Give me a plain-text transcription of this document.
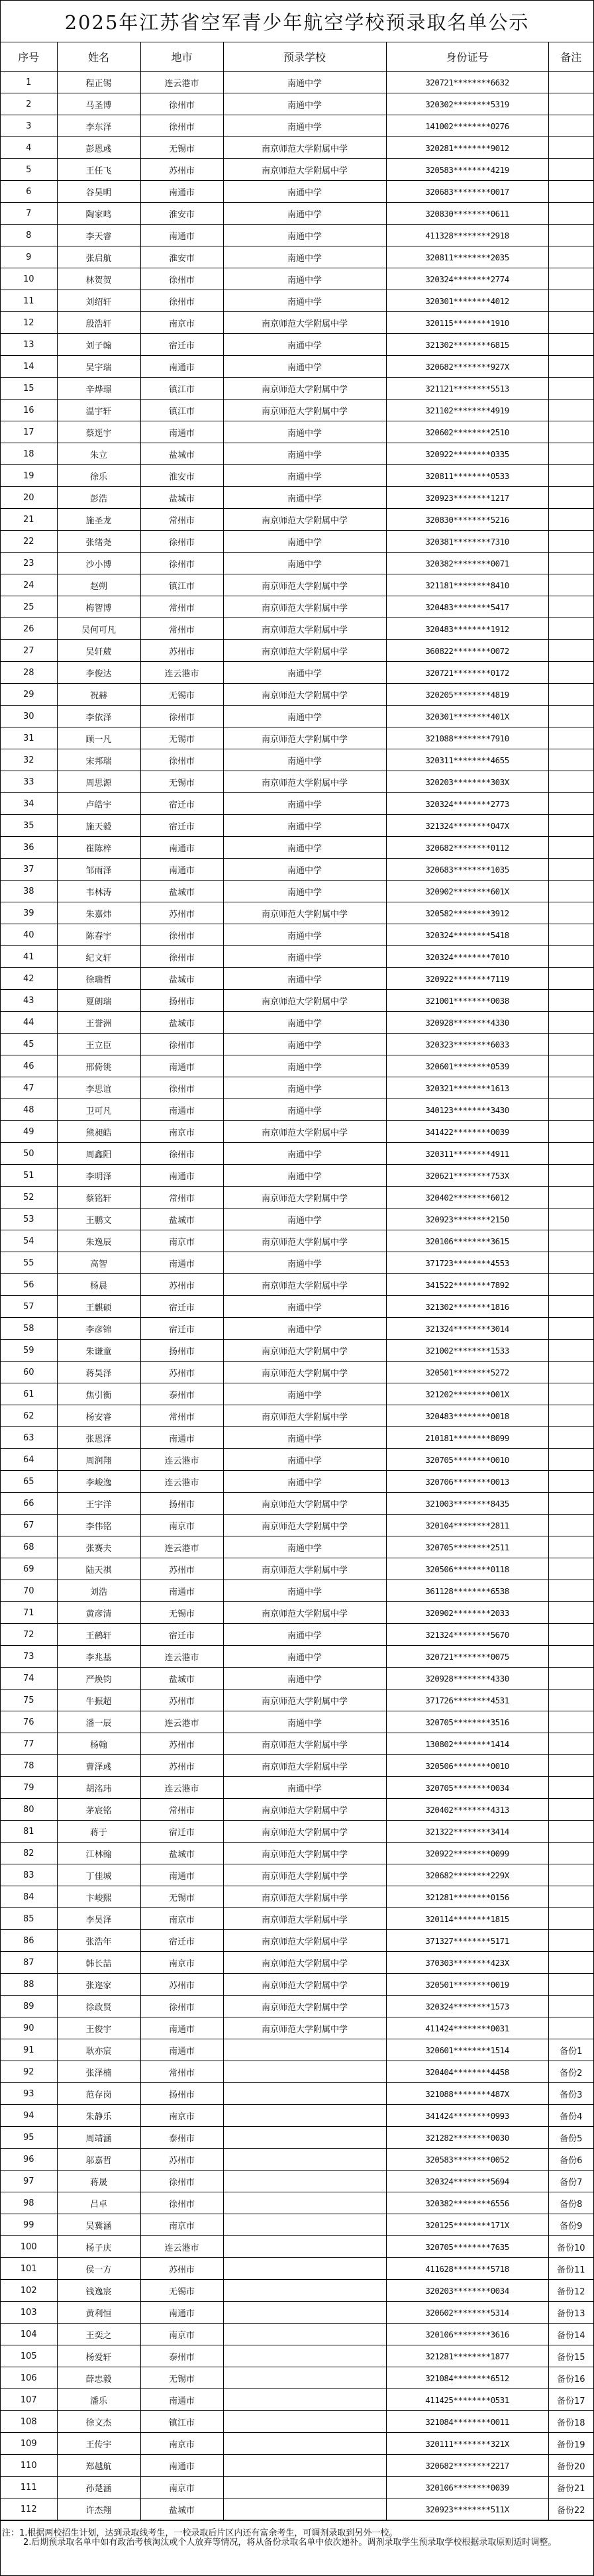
2025年江苏省空军青少年航空学校预录取名单公示
序号	姓名	地市	预录学校	身份证号	备注
1	程正锡	连云港市	南通中学	320721********6632	
2	马圣博	徐州市	南通中学	320302********5319	
3	李东泽	徐州市	南通中学	141002********0276	
4	彭恩彧	无锡市	南京师范大学附属中学	320281********9012	
5	王任飞	苏州市	南京师范大学附属中学	320583********4219	
6	谷昊明	南通市	南通中学	320683********0017	
7	陶家鸣	淮安市	南通中学	320830********0611	
8	李天睿	南通市	南通中学	411328********2918	
9	张启航	淮安市	南通中学	320811********2035	
10	林贺贺	徐州市	南通中学	320324********2774	
11	刘绍轩	徐州市	南通中学	320301********4012	
12	殷浩轩	南京市	南京师范大学附属中学	320115********1910	
13	刘子翰	宿迁市	南通中学	321302********6815	
14	吴宇瑞	南通市	南通中学	320682********927X	
15	辛烨璟	镇江市	南京师范大学附属中学	321121********5513	
16	温宇轩	镇江市	南京师范大学附属中学	321102********4919	
17	蔡逕宇	南通市	南通中学	320602********2510	
18	朱立	盐城市	南通中学	320922********0335	
19	徐乐	淮安市	南通中学	320811********0533	
20	彭浩	盐城市	南通中学	320923********1217	
21	施圣龙	常州市	南京师范大学附属中学	320830********5216	
22	张绪尧	徐州市	南通中学	320381********7310	
23	沙小博	徐州市	南通中学	320382********0071	
24	赵朔	镇江市	南京师范大学附属中学	321181********8410	
25	梅智博	常州市	南京师范大学附属中学	320483********5417	
26	吴何可凡	常州市	南京师范大学附属中学	320483********1912	
27	吴轩葳	苏州市	南京师范大学附属中学	360822********0072	
28	李俊达	连云港市	南通中学	320721********0172	
29	祝赫	无锡市	南京师范大学附属中学	320205********4819	
30	李依泽	徐州市	南通中学	320301********401X	
31	顾一凡	无锡市	南京师范大学附属中学	321088********7910	
32	宋邦瑞	徐州市	南通中学	320311********4655	
33	周思源	无锡市	南京师范大学附属中学	320203********303X	
34	卢皓宇	宿迁市	南通中学	320324********2773	
35	施天毅	宿迁市	南通中学	321324********047X	
36	崔陈梓	南通市	南通中学	320682********0112	
37	邹雨泽	南通市	南通中学	320683********1035	
38	韦林涛	盐城市	南通中学	320902********601X	
39	朱嘉炜	苏州市	南京师范大学附属中学	320582********3912	
40	陈春宇	徐州市	南通中学	320324********5418	
41	纪文轩	徐州市	南通中学	320324********7010	
42	徐瑞哲	盐城市	南通中学	320922********7119	
43	夏朗瑞	扬州市	南京师范大学附属中学	321001********0038	
44	王誉洲	盐城市	南通中学	320928********4330	
45	王立臣	徐州市	南通中学	320323********6033	
46	邢倚铫	南通市	南通中学	320601********0539	
47	李思谊	徐州市	南通中学	320321********1613	
48	卫可凡	南通市	南通中学	340123********3430	
49	熊昶皓	南京市	南京师范大学附属中学	341422********0039	
50	周鑫阳	徐州市	南通中学	320311********4911	
51	李明泽	南通市	南通中学	320621********753X	
52	蔡铭轩	常州市	南京师范大学附属中学	320402********6012	
53	王鹏文	盐城市	南通中学	320923********2150	
54	朱逸辰	南京市	南京师范大学附属中学	320106********3615	
55	高智	南通市	南通中学	371723********4553	
56	杨晨	苏州市	南京师范大学附属中学	341522********7892	
57	王麒硕	宿迁市	南通中学	321302********1816	
58	李彦锦	宿迁市	南通中学	321324********3014	
59	朱谦童	扬州市	南京师范大学附属中学	321002********1533	
60	蒋昊泽	苏州市	南京师范大学附属中学	320501********5272	
61	焦引衡	泰州市	南通中学	321202********001X	
62	杨安睿	常州市	南京师范大学附属中学	320483********0018	
63	张恩泽	南通市	南通中学	210181********8099	
64	周润翔	连云港市	南通中学	320705********0010	
65	李峻逸	连云港市	南通中学	320706********0013	
66	王宇洋	扬州市	南京师范大学附属中学	321003********8435	
67	李伟铭	南京市	南京师范大学附属中学	320104********2811	
68	张赛夫	连云港市	南通中学	320705********2511	
69	陆天祺	苏州市	南京师范大学附属中学	320506********0118	
70	刘浩	南通市	南通中学	361128********6538	
71	黄彦清	无锡市	南京师范大学附属中学	320902********2033	
72	王鹤轩	宿迁市	南通中学	321324********5670	
73	李兆基	连云港市	南通中学	320721********0075	
74	严焕钧	盐城市	南通中学	320928********4330	
75	牛振超	苏州市	南京师范大学附属中学	371726********4531	
76	潘一辰	连云港市	南通中学	320705********3516	
77	杨翰	苏州市	南京师范大学附属中学	130802********1414	
78	曹泽彧	苏州市	南京师范大学附属中学	320506********0010	
79	胡洺玮	连云港市	南通中学	320705********0034	
80	茅宸铭	常州市	南京师范大学附属中学	320402********4313	
81	蒋于	宿迁市	南京师范大学附属中学	321322********3414	
82	江林翰	盐城市	南京师范大学附属中学	320922********0099	
83	丁佳城	南通市	南京师范大学附属中学	320682********229X	
84	卞峻熙	无锡市	南京师范大学附属中学	321281********0156	
85	李昊泽	南京市	南京师范大学附属中学	320114********1815	
86	张浩年	宿迁市	南京师范大学附属中学	371327********5171	
87	韩长喆	南京市	南京师范大学附属中学	370303********423X	
88	张迩家	苏州市	南京师范大学附属中学	320501********0019	
89	徐政贤	徐州市	南京师范大学附属中学	320324********1573	
90	王俊宇	南通市	南京师范大学附属中学	411424********0031	
91	耿亦宸	南通市		320601********1514	备份1
92	张泽楠	常州市		320404********4458	备份2
93	范存岗	扬州市		321088********487X	备份3
94	朱静乐	南京市		341424********0993	备份4
95	周靖涵	泰州市		321282********0030	备份5
96	邬嘉哲	苏州市		320583********0052	备份6
97	蒋晟	徐州市		320324********5694	备份7
98	吕卓	徐州市		320382********6556	备份8
99	吴冀涵	南京市		320125********171X	备份9
100	杨子庆	连云港市		320705********7635	备份10
101	侯一方	苏州市		411628********5718	备份11
102	钱逸宸	无锡市		320203********0034	备份12
103	黄利恒	南通市		320602********5314	备份13
104	王奕之	南京市		320106********3616	备份14
105	杨爱轩	泰州市		321281********1877	备份15
106	薛忠毅	无锡市		321084********6512	备份16
107	潘乐	南通市		411425********0531	备份17
108	徐文杰	镇江市		321084********0011	备份18
109	王传宇	南京市		320111********321X	备份19
110	郑越航	南通市		320682********2217	备份20
111	孙楚涵	南京市		320106********0039	备份21
112	许杰翔	盐城市		320923********511X	备份22
注：1.根据两校招生计划，达到录取线考生，一校录取后片区内还有富余考生，可调剂录取到另外一校。
2.后期预录取名单中如有政治考核淘汰或个人放弃等情况，将从备份录取名单中依次递补。调剂录取学生预录取学校根据录取原则适时调整。
